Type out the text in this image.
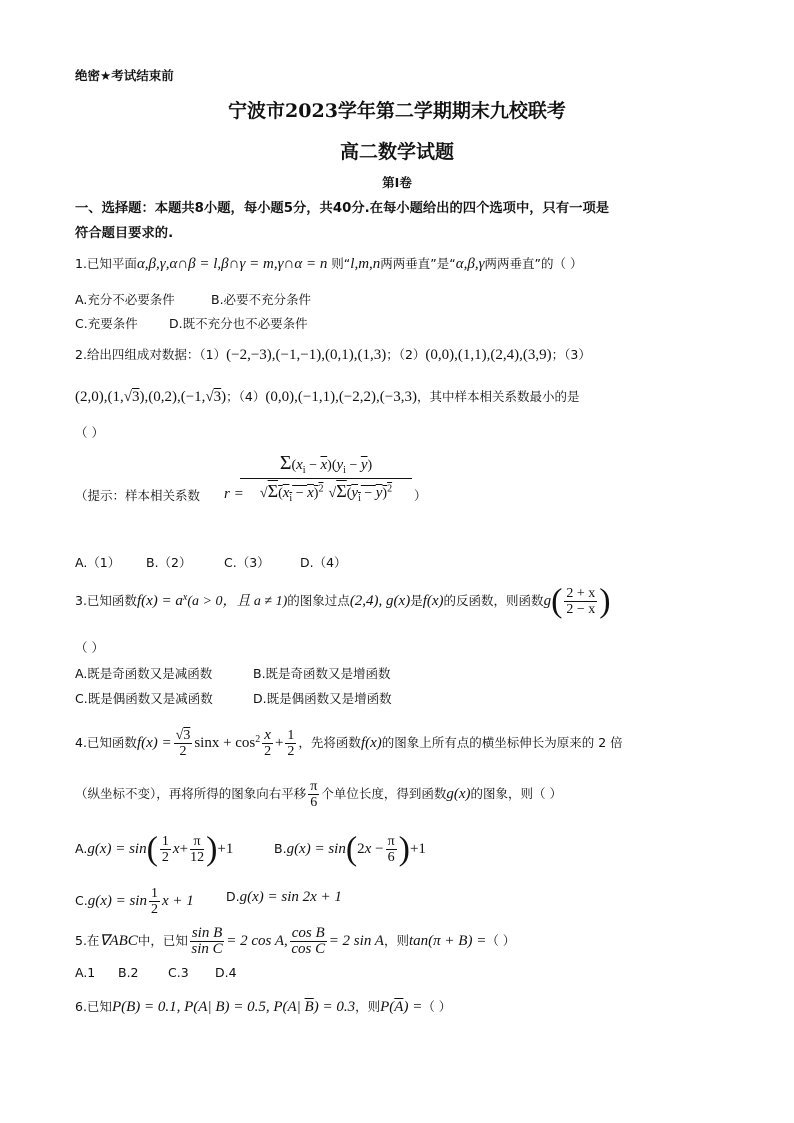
绝密★考试结束前
宁波市2023学年第二学期期末九校联考
高二数学试题
第I卷
一、选择题：本题共8小题，每小题5分，共40分.在每小题给出的四个选项中，只有一项是
符合题目要求的.
1.已知平面α,β,γ,α∩β = l,β∩γ = m,γ∩α = n 则“l,m,n两两垂直”是“α,β,γ两两垂直”的（ ）
A.充分不必要条件	B.必要不充分条件
C.充要条件	D.既不充分也不必要条件
2.给出四组成对数据：（1）(−2,−3),(−1,−1),(0,1),(1,3)；（2）(0,0),(1,1),(2,4),(3,9)；（3）
(2,0),(1,√3),(0,2),(−1,√3)；（4）(0,0),(−1,1),(−2,2),(−3,3)，其中样本相关系数最小的是
（ ）
（提示：样本相关系数 r =
$\frac{\Sigma(x_i - \overline{x})(y_i - \overline{y})}{√\Sigma(x_i - x)^2 √\Sigma(y_i - y)^2}$ ）
A.（1） B.（2）	C.（3） D.（4）
3.已知函数$f(x) = a^x(a > 0$，且 a ≠ 1)的图象过点(2,4), g(x)是f(x)的反函数，则函数$g( \frac{2 + x}{2 - x}$ )
（ ）
A.既是奇函数又是减函数	B.既是奇函数又是增函数
C.既是偶函数又是减函数	D.既是偶函数又是增函数
4.已知函数$f(x) = \frac{√3}{2}$ $\sin x + \cos^2 \frac{x}{2} + \frac{1}{2}$ ，先将函数f(x)的图象上所有点的横坐标伸长为原来的 2 倍
（纵坐标不变），再将所得的图象向右平移 $\frac{\pi}{6}$ 个单位长度，得到函数g(x)的图象，则（ ）
$A.g(x) = \sin( \frac{1}{2} x+ \frac{\pi}{12} )+1$	$B.g(x) = \sin(2x - \frac{\pi}{6} )+1$
$C.g(x) = \sin \frac{1}{2}$ x + 1	D.g(x) = sin 2x + 1
5.在∇ABC中，已知 $\frac{\text{sin B}}{\text{sin C}} = 2$ cos A, $\frac{\text{cos B}}{\text{cos C}} = 2$ sin A，则tan(π + B) =（ ）
A.1 B.2 C.3 D.4
6.已知P(B) = 0.1, P(A| B) = 0.5, P(A| $\overline{B}) = 0.3$，则$P(\overline{A})$ =（ ）
